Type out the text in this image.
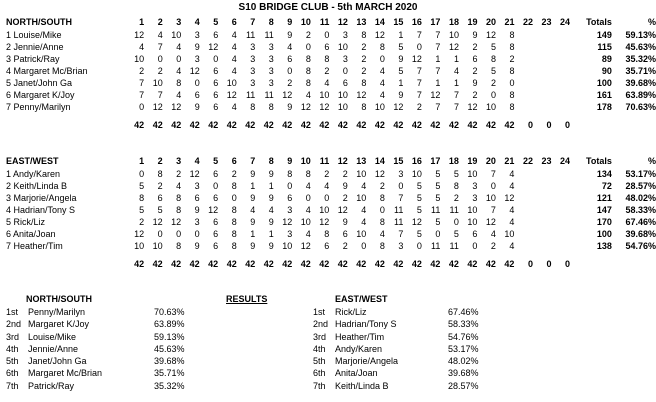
S10 BRIDGE CLUB - 5th MARCH 2020
NORTH/SOUTH	1	2	3	4	5	6	7	8	9	10	11	12	13	14	15	16	17	18	19	20	21	22	23	24	Totals	%
1 Louise/Mike	12	4	10	3	6	4	11	11	9	2	0	3	8	12	1	7	7	10	9	12	8				149	59.13%
2 Jennie/Anne	4	7	4	9	12	4	3	3	4	0	6	10	2	8	5	0	7	12	2	5	8				115	45.63%
3 Patrick/Ray	10	0	0	3	0	4	3	3	6	8	8	3	2	0	9	12	1	1	6	8	2				89	35.32%
4 Margaret Mc/Brian	2	2	4	12	6	4	3	3	0	8	2	0	2	4	5	7	7	4	2	5	8				90	35.71%
5 Janet/John Ga	7	10	8	0	6	10	3	3	2	8	4	6	8	4	1	7	1	1	9	2	0				100	39.68%
6 Margaret K/Joy	7	7	4	6	6	12	11	11	12	4	10	10	12	4	9	7	12	7	2	0	8				161	63.89%
7 Penny/Marilyn	0	12	12	9	6	4	8	8	9	12	12	10	8	10	12	2	7	7	12	10	8				178	70.63%

	42	42	42	42	42	42	42	42	42	42	42	42	42	42	42	42	42	42	42	42	42	0	0	0		
EAST/WEST	1	2	3	4	5	6	7	8	9	10	11	12	13	14	15	16	17	18	19	20	21	22	23	24	Totals	%
1 Andy/Karen	0	8	2	12	6	2	9	9	8	8	2	2	10	12	3	10	5	5	10	7	4				134	53.17%
2 Keith/Linda B	5	2	4	3	0	8	1	1	0	4	4	9	4	2	0	5	5	8	3	0	4				72	28.57%
3 Marjorie/Angela	8	6	8	6	6	0	9	9	6	0	0	2	10	8	7	5	5	2	3	10	12				121	48.02%
4 Hadrian/Tony S	5	5	8	9	12	8	4	4	3	4	10	12	4	0	11	5	11	11	10	7	4				147	58.33%
5 Rick/Liz	2	12	12	3	6	8	9	9	12	10	12	9	4	8	11	12	5	0	10	12	4				170	67.46%
6 Anita/Joan	12	0	0	0	6	8	1	1	3	4	8	6	10	4	7	5	0	5	6	4	10				100	39.68%
7 Heather/Tim	10	10	8	9	6	8	9	9	10	12	6	2	0	8	3	0	11	11	0	2	4				138	54.76%

	42	42	42	42	42	42	42	42	42	42	42	42	42	42	42	42	42	42	42	42	42	0	0	0		
NORTH/SOUTH	RESULTS	EAST/WEST
1st Penny/Marilyn	70.63%
2nd Margaret K/Joy	63.89%
3rd Louise/Mike	59.13%
4th Jennie/Anne	45.63%
5th Janet/John Ga	39.68%
6th Margaret Mc/Brian	35.71%
7th Patrick/Ray	35.32%
1st Rick/Liz	67.46%
2nd Hadrian/Tony S	58.33%
3rd Heather/Tim	54.76%
4th Andy/Karen	53.17%
5th Marjorie/Angela	48.02%
6th Anita/Joan	39.68%
7th Keith/Linda B	28.57%
